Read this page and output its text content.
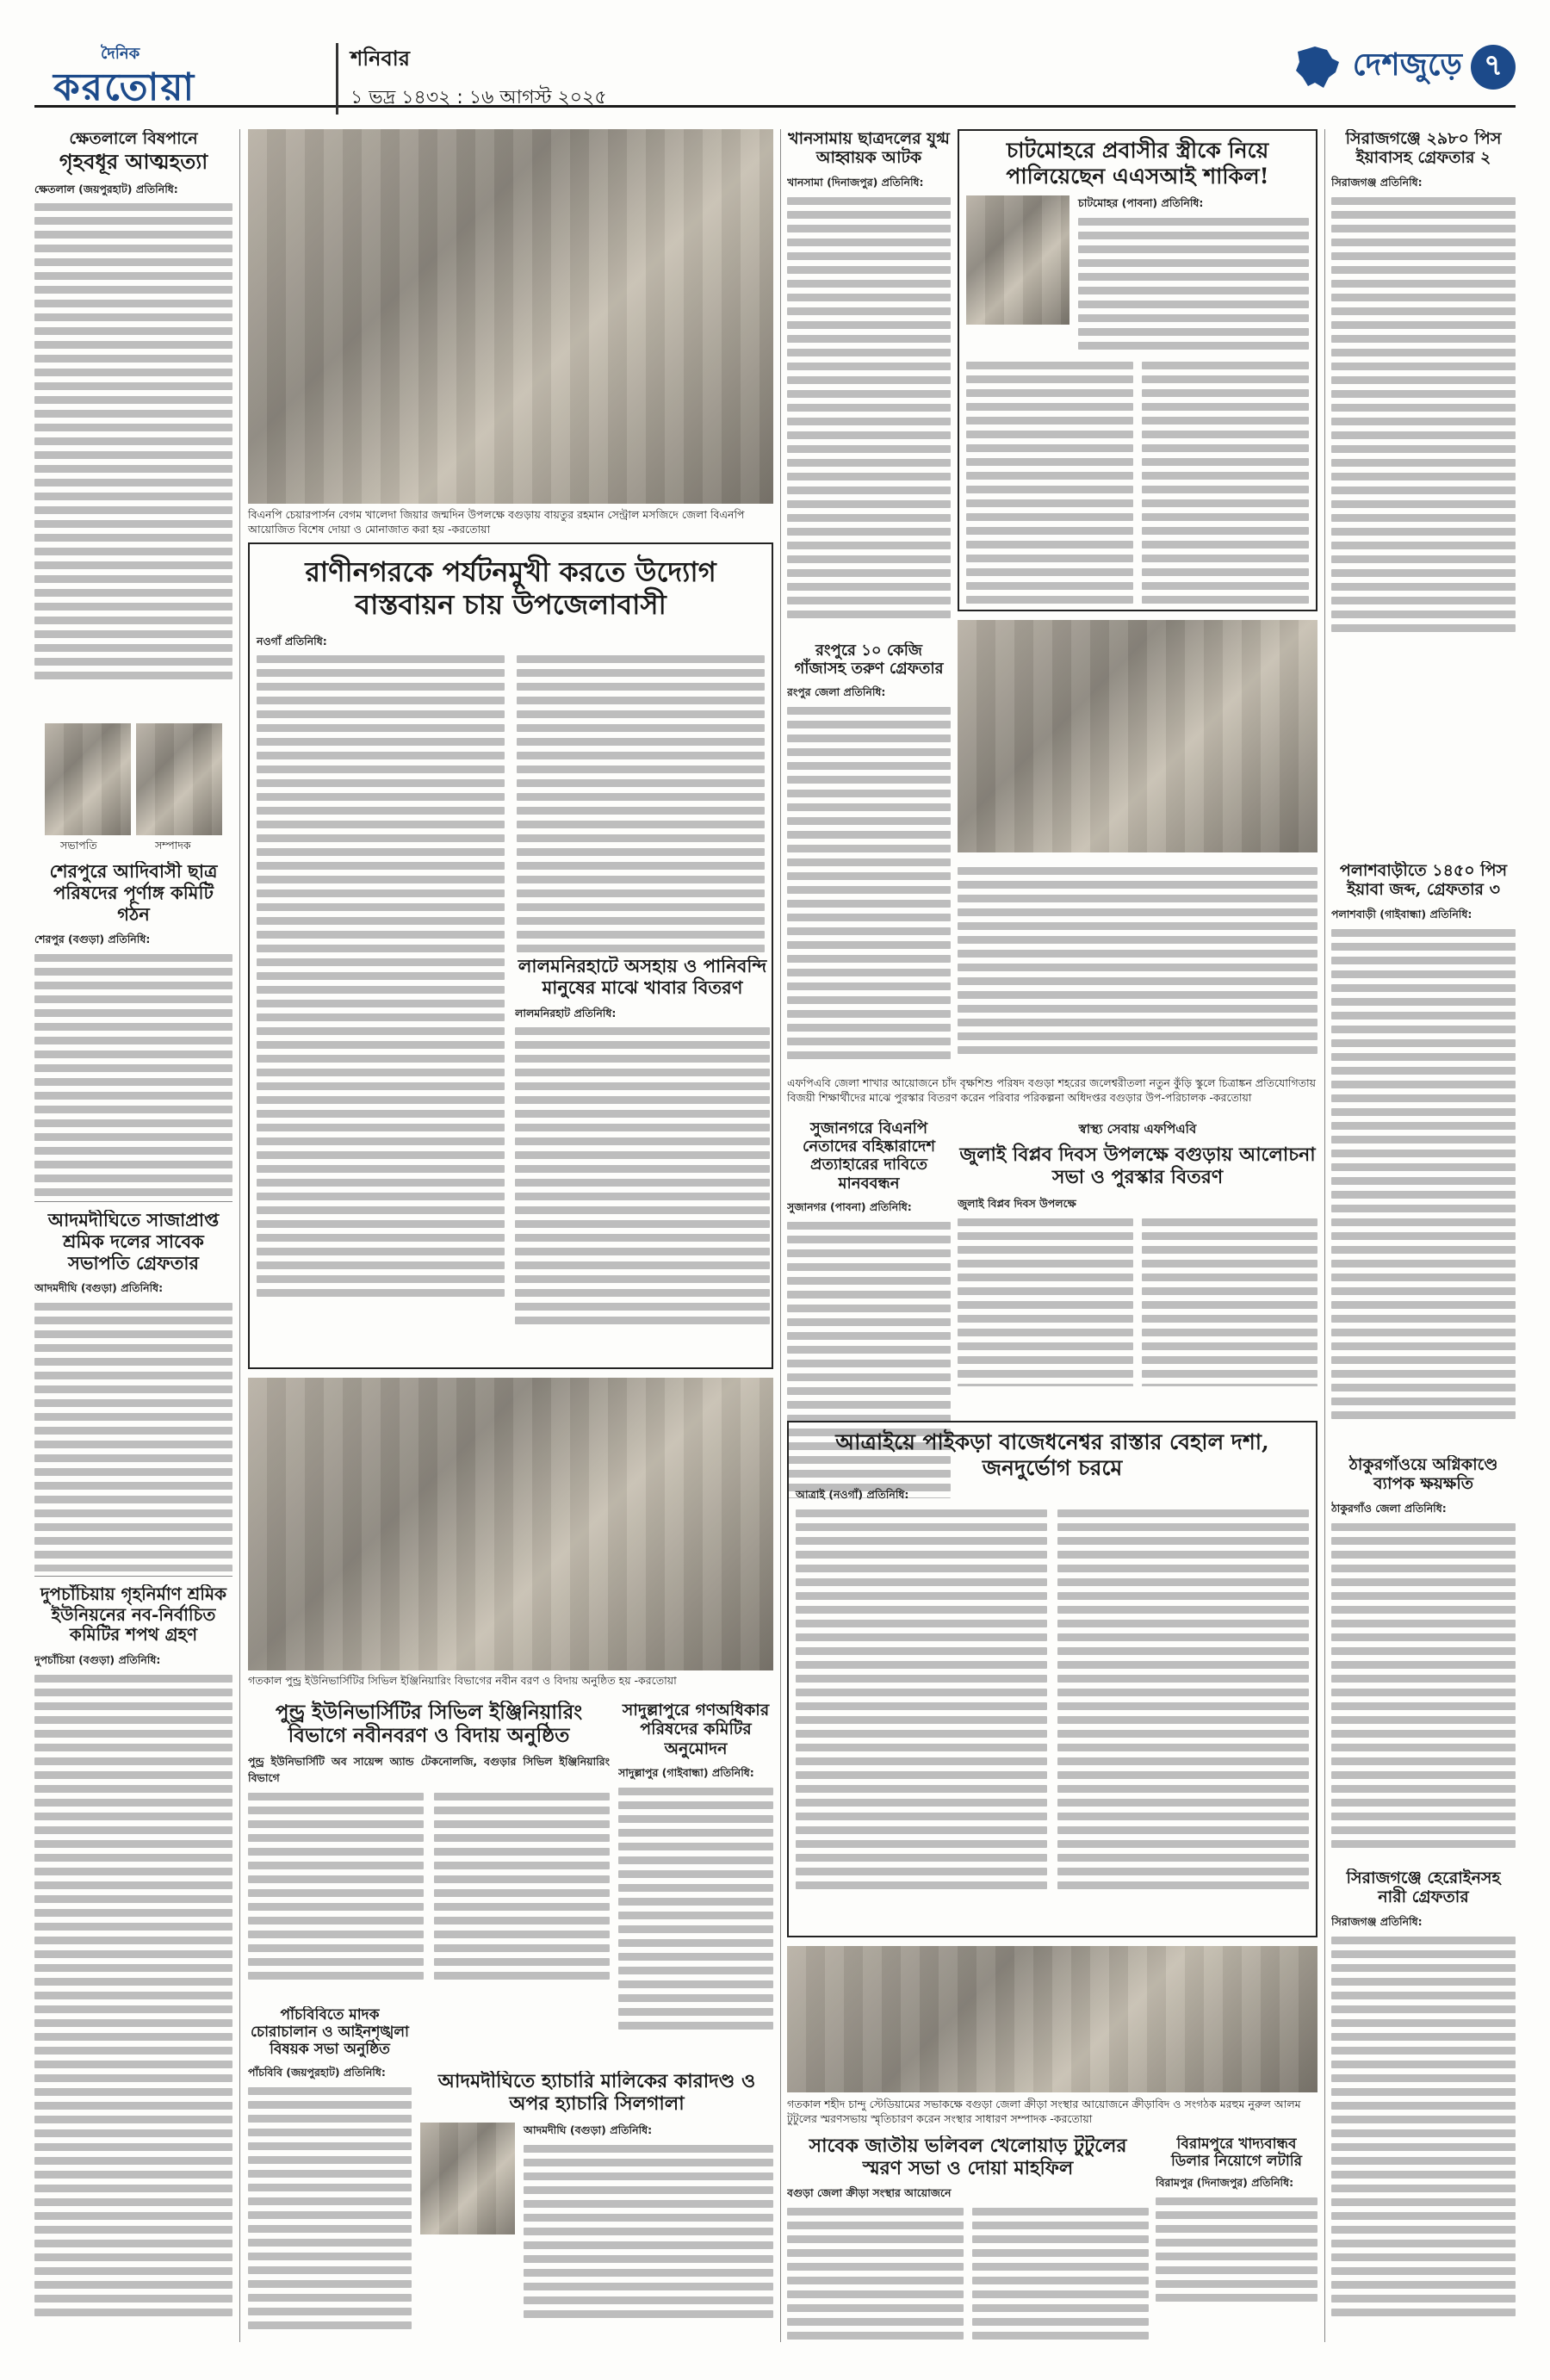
দৈনিক
করতোয়া
শনিবার
১ ভদ্র ১৪৩২ : ১৬ আগস্ট ২০২৫
দেশজুড়ে ৭
ক্ষেতলালে বিষপানে
গৃহবধূর আত্মহত্যা
ক্ষেতলাল (জয়পুরহাট) প্রতিনিধি:
সভাপতি	সম্পাদক
শেরপুরে আদিবাসী ছাত্র পরিষদের পূর্ণাঙ্গ কমিটি গঠন
শেরপুর (বগুড়া) প্রতিনিধি:
আদমদীঘিতে সাজাপ্রাপ্ত শ্রমিক দলের সাবেক সভাপতি গ্রেফতার
আদমদীঘি (বগুড়া) প্রতিনিধি:
দুপচাঁচিয়ায় গৃহনির্মাণ শ্রমিক ইউনিয়নের নব-নির্বাচিত কমিটির শপথ গ্রহণ
দুপচাঁচিয়া (বগুড়া) প্রতিনিধি:
বিএনপি চেয়ারপার্সন বেগম খালেদা জিয়ার জন্মদিন উপলক্ষে বগুড়ায় বায়তুর রহমান সেন্ট্রাল মসজিদে জেলা বিএনপি আয়োজিত বিশেষ দোয়া ও মোনাজাত করা হয় -করতোয়া
রাণীনগরকে পর্যটনমুখী করতে উদ্যোগ বাস্তবায়ন চায় উপজেলাবাসী
নওগাঁ প্রতিনিধি:
লালমনিরহাটে অসহায় ও পানিবন্দি মানুষের মাঝে খাবার বিতরণ
লালমনিরহাট প্রতিনিধি:
গতকাল পুন্ড্র ইউনিভার্সিটির সিভিল ইঞ্জিনিয়ারিং বিভাগের নবীন বরণ ও বিদায় অনুষ্ঠিত হয় -করতোয়া
পুন্ড্র ইউনিভার্সিটির সিভিল ইঞ্জিনিয়ারিং বিভাগে নবীনবরণ ও বিদায় অনুষ্ঠিত
পুন্ড্র ইউনিভার্সিটি অব সায়েন্স অ্যান্ড টেকনোলজি, বগুড়ার সিভিল ইঞ্জিনিয়ারিং বিভাগে
সাদুল্লাপুরে গণঅধিকার পরিষদের কমিটির অনুমোদন
সাদুল্লাপুর (গাইবান্ধা) প্রতিনিধি:
পাঁচবিবিতে মাদক চোরাচালান ও আইনশৃঙ্খলা বিষয়ক সভা অনুষ্ঠিত
পাঁচবিবি (জয়পুরহাট) প্রতিনিধি:	আদমদীঘিতে হ্যাচারি মালিকের কারাদণ্ড ও অপর হ্যাচারি সিলগালা
আদমদীঘি (বগুড়া) প্রতিনিধি:
খানসামায় ছাত্রদলের যুগ্ম আহ্বায়ক আটক
খানসামা (দিনাজপুর) প্রতিনিধি:
রংপুরে ১০ কেজি গাঁজাসহ তরুণ গ্রেফতার
রংপুর জেলা প্রতিনিধি:
চাটমোহরে প্রবাসীর স্ত্রীকে নিয়ে পালিয়েছেন এএসআই শাকিল!
চাটমোহর (পাবনা) প্রতিনিধি:
এফপিএবি জেলা শাখার আয়োজনে চাঁদ বৃক্ষশিশু পরিষদ বগুড়া শহরের জলেশ্বরীতলা নতুন কুঁড়ি স্কুলে চিত্রাঙ্কন প্রতিযোগিতায় বিজয়ী শিক্ষার্থীদের মাঝে পুরস্কার বিতরণ করেন পরিবার পরিকল্পনা অধিদপ্তর বগুড়ার উপ-পরিচালক -করতোয়া
স্বাস্থ্য সেবায় এফপিএবি
জুলাই বিপ্লব দিবস উপলক্ষে বগুড়ায় আলোচনা সভা ও পুরস্কার বিতরণ
জুলাই বিপ্লব দিবস উপলক্ষে
সুজানগরে বিএনপি নেতাদের বহিষ্কারাদেশ প্রত্যাহারের দাবিতে মানববন্ধন
সুজানগর (পাবনা) প্রতিনিধি:
আত্রাইয়ে পাইকড়া বাজেধনেশ্বর রাস্তার বেহাল দশা, জনদুর্ভোগ চরমে
আত্রাই (নওগাঁ) প্রতিনিধি:
গতকাল শহীদ চান্দু স্টেডিয়ামের সভাকক্ষে বগুড়া জেলা ক্রীড়া সংস্থার আয়োজনে ক্রীড়াবিদ ও সংগঠক মরহুম নুরুল আলম টুটুলের স্মরণসভায় স্মৃতিচারণ করেন সংস্থার সাধারণ সম্পাদক -করতোয়া
সাবেক জাতীয় ভলিবল খেলোয়াড় টুটুলের স্মরণ সভা ও দোয়া মাহফিল
বগুড়া জেলা ক্রীড়া সংস্থার আয়োজনে
বিরামপুরে খাদ্যবান্ধব ডিলার নিয়োগে লটারি
বিরামপুর (দিনাজপুর) প্রতিনিধি:
সিরাজগঞ্জে ২৯৮০ পিস ইয়াবাসহ গ্রেফতার ২
সিরাজগঞ্জ প্রতিনিধি:
পলাশবাড়ীতে ১৪৫০ পিস ইয়াবা জব্দ, গ্রেফতার ৩
পলাশবাড়ী (গাইবান্ধা) প্রতিনিধি:
ঠাকুরগাঁওয়ে অগ্নিকাণ্ডে ব্যাপক ক্ষয়ক্ষতি
ঠাকুরগাঁও জেলা প্রতিনিধি:
সিরাজগঞ্জে হেরোইনসহ নারী গ্রেফতার
সিরাজগঞ্জ প্রতিনিধি:
